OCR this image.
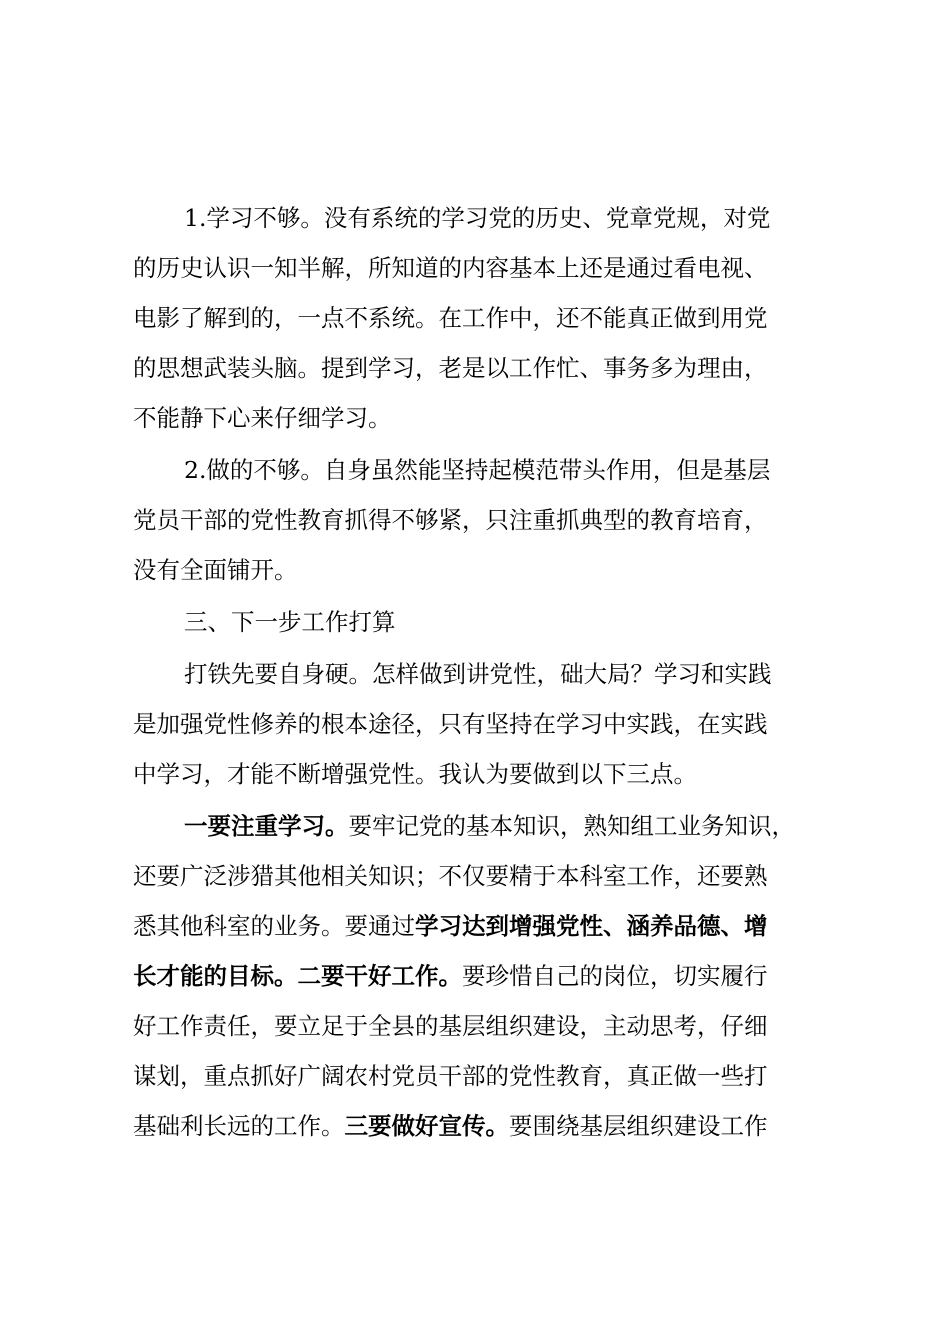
1.学习不够。没有系统的学习党的历史、党章党规，对党
的历史认识一知半解，所知道的内容基本上还是通过看电视、
电影了解到的，一点不系统。在工作中，还不能真正做到用党
的思想武装头脑。提到学习，老是以工作忙、事务多为理由，
不能静下心来仔细学习。
2.做的不够。自身虽然能坚持起模范带头作用，但是基层
党员干部的党性教育抓得不够紧，只注重抓典型的教育培育，
没有全面铺开。
三、下一步工作打算
打铁先要自身硬。怎样做到讲党性，础大局？学习和实践
是加强党性修养的根本途径，只有坚持在学习中实践，在实践
中学习，才能不断增强党性。我认为要做到以下三点。
一要注重学习。要牢记党的基本知识，熟知组工业务知识，
还要广泛涉猎其他相关知识；不仅要精于本科室工作，还要熟
悉其他科室的业务。要通过学习达到增强党性、涵养品德、增
长才能的目标。二要干好工作。要珍惜自己的岗位，切实履行
好工作责任，要立足于全县的基层组织建设，主动思考，仔细
谋划，重点抓好广阔农村党员干部的党性教育，真正做一些打
基础利长远的工作。三要做好宣传。要围绕基层组织建设工作
